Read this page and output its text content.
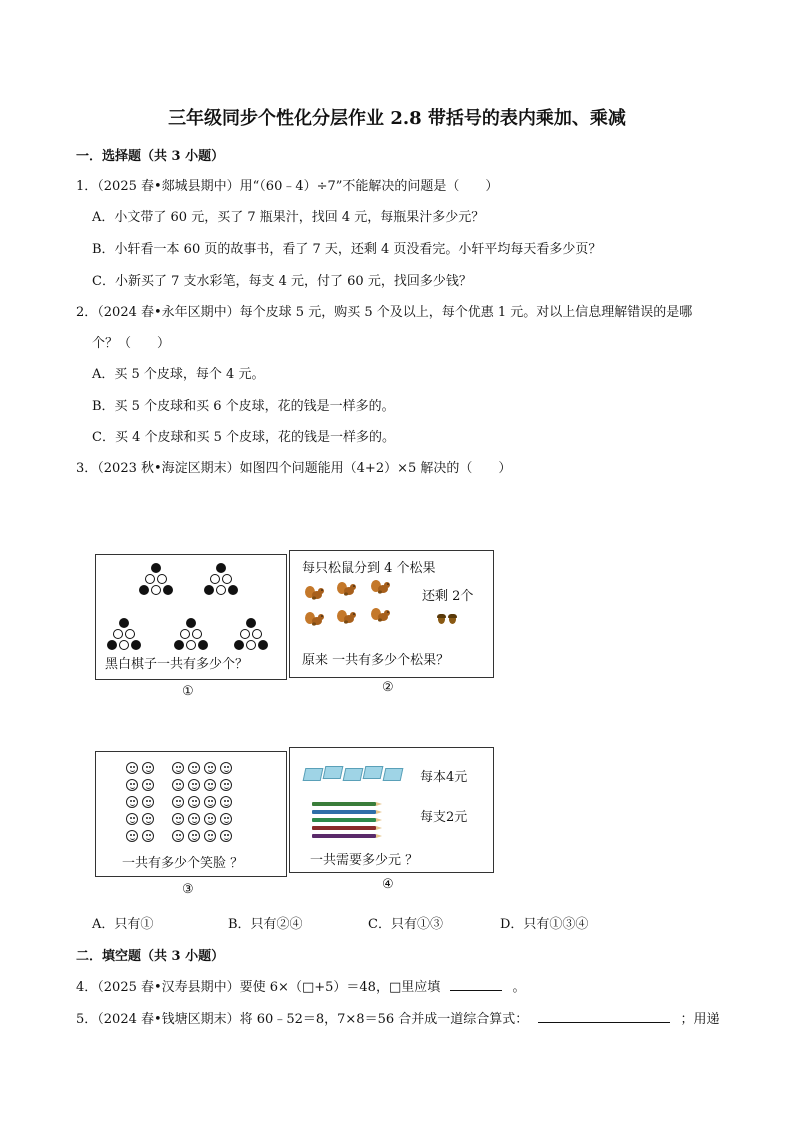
三年级同步个性化分层作业 2.8 带括号的表内乘加、乘减
一．选择题（共 3 小题）
1．（2025 春•郯城县期中）用“（60﹣4）÷7”不能解决的问题是（　　）
A．小文带了 60 元，买了 7 瓶果汁，找回 4 元，每瓶果汁多少元？
B．小轩看一本 60 页的故事书，看了 7 天，还剩 4 页没看完。小轩平均每天看多少页？
C．小新买了 7 支水彩笔，每支 4 元，付了 60 元，找回多少钱？
2．（2024 春•永年区期中）每个皮球 5 元，购买 5 个及以上，每个优惠 1 元。对以上信息理解错误的是哪
个？（　　）
A．买 5 个皮球，每个 4 元。
B．买 5 个皮球和买 6 个皮球，花的钱是一样多的。
C．买 4 个皮球和买 5 个皮球，花的钱是一样多的。
3．（2023 秋•海淀区期末）如图四个问题能用（4+2）×5 解决的（　　）
黑白棋子一共有多少个？
①
每只松鼠分到 4 个松果
还剩 2个
原来 一共有多少个松果？
②
一共有多少个笑脸 ？
③
每本4元
每支2元
一共需要多少元 ？
④
A．只有①	B．只有②④	C．只有①③	D．只有①③④
二．填空题（共 3 小题）
4．（2025 春•汉寿县期中）要使 6×（□+5）＝48，□里应填	。
5．（2024 春•钱塘区期末）将 60﹣52＝8，7×8＝56 合并成一道综合算式：	；用递
